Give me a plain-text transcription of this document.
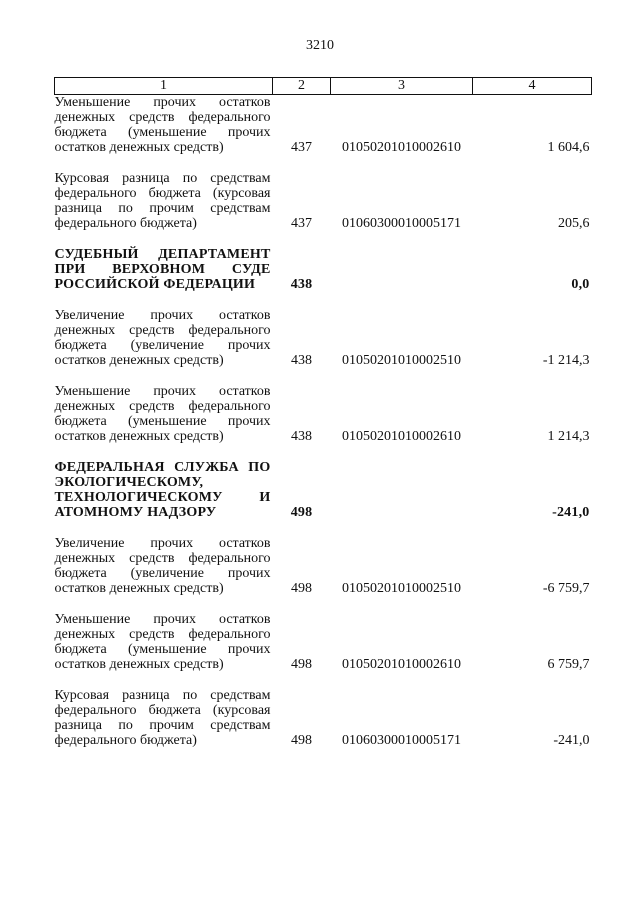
3210
1	2	3	4
Уменьшение прочих остатков денежных средств федерального бюджета (уменьшение прочих остатков денежных средств)	437	01050201010002610	1 604,6
Курсовая разница по средствам федерального бюджета (курсовая разница по прочим средствам федерального бюджета)	437	01060300010005171	205,6
СУДЕБНЫЙ ДЕПАРТАМЕНТ ПРИ ВЕРХОВНОМ СУДЕ РОССИЙСКОЙ ФЕДЕРАЦИИ	438		0,0
Увеличение прочих остатков денежных средств федерального бюджета (увеличение прочих остатков денежных средств)	438	01050201010002510	-1 214,3
Уменьшение прочих остатков денежных средств федерального бюджета (уменьшение прочих остатков денежных средств)	438	01050201010002610	1 214,3
ФЕДЕРАЛЬНАЯ СЛУЖБА ПО ЭКОЛОГИЧЕСКОМУ, ТЕХНОЛОГИЧЕСКОМУ И АТОМНОМУ НАДЗОРУ	498		-241,0
Увеличение прочих остатков денежных средств федерального бюджета (увеличение прочих остатков денежных средств)	498	01050201010002510	-6 759,7
Уменьшение прочих остатков денежных средств федерального бюджета (уменьшение прочих остатков денежных средств)	498	01050201010002610	6 759,7
Курсовая разница по средствам федерального бюджета (курсовая разница по прочим средствам федерального бюджета)	498	01060300010005171	-241,0
